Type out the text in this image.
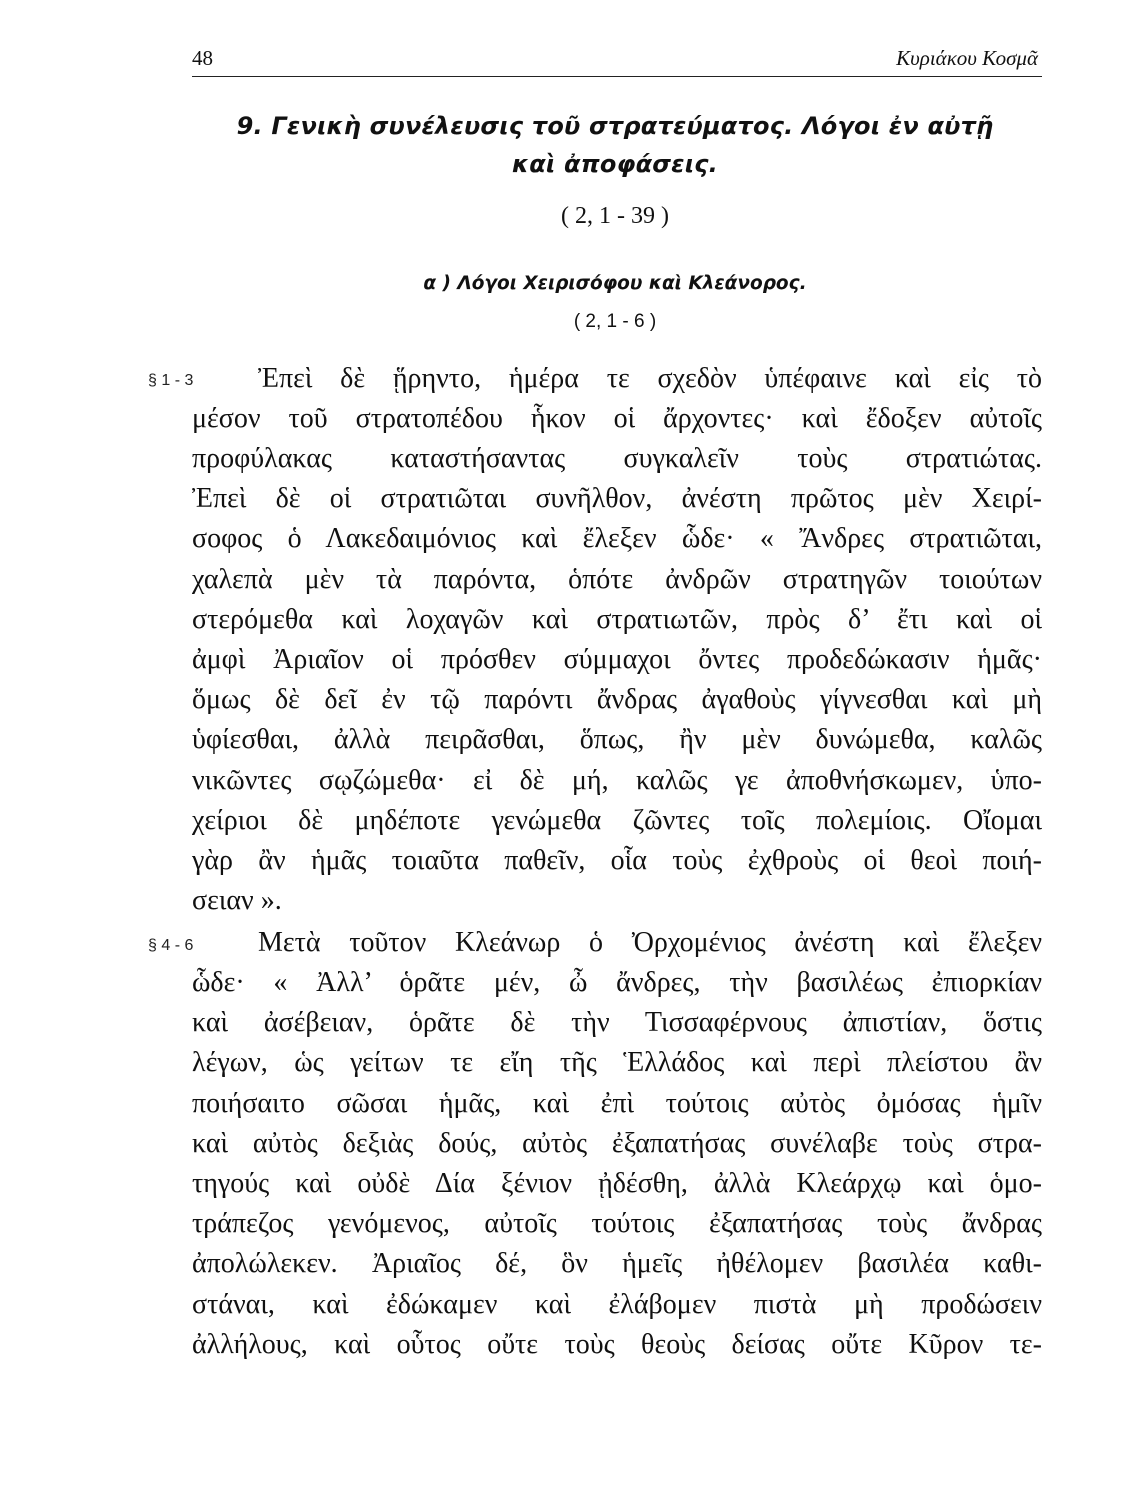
48	Κυριάκου Κοσμᾶ
9. Γενικὴ συνέλευσις τοῦ στρατεύματος. Λόγοι ἐν αὐτῇ
καὶ ἀποφάσεις.
( 2, 1 - 39 )
α ) Λόγοι Χειρισόφου καὶ Κλεάνορος.
( 2, 1 - 6 )
§ 1 - 3 Ἐπεὶ δὲ ᾕρηντο, ἡμέρα τε σχεδὸν ὑπέφαινε καὶ εἰς τὸ
μέσον τοῦ στρατοπέδου ἧκον οἱ ἄρχοντες· καὶ ἔδοξεν αὐτοῖς
προφύλακας καταστήσαντας συγκαλεῖν τοὺς στρατιώτας.
Ἐπεὶ δὲ οἱ στρατιῶται συνῆλθον, ἀνέστη πρῶτος μὲν Χειρί-
σοφος ὁ Λακεδαιμόνιος καὶ ἔλεξεν ὧδε· « Ἄνδρες στρατιῶται,
χαλεπὰ μὲν τὰ παρόντα, ὁπότε ἀνδρῶν στρατηγῶν τοιούτων
στερόμεθα καὶ λοχαγῶν καὶ στρατιωτῶν, πρὸς δ’ ἔτι καὶ οἱ
ἀμφὶ Ἀριαῖον οἱ πρόσθεν σύμμαχοι ὄντες προδεδώκασιν ἡμᾶς·
ὅμως δὲ δεῖ ἐν τῷ παρόντι ἄνδρας ἀγαθοὺς γίγνεσθαι καὶ μὴ
ὑφίεσθαι, ἀλλὰ πειρᾶσθαι, ὅπως, ἢν μὲν δυνώμεθα, καλῶς
νικῶντες σῳζώμεθα· εἰ δὲ μή, καλῶς γε ἀποθνήσκωμεν, ὑπο-
χείριοι δὲ μηδέποτε γενώμεθα ζῶντες τοῖς πολεμίοις. Οἴομαι
γὰρ ἂν ἡμᾶς τοιαῦτα παθεῖν, οἷα τοὺς ἐχθροὺς οἱ θεοὶ ποιή-
σειαν ».
§ 4 - 6 Μετὰ τοῦτον Κλεάνωρ ὁ Ὀρχομένιος ἀνέστη καὶ ἔλεξεν
ὧδε· « Ἀλλ’ ὁρᾶτε μέν, ὦ ἄνδρες, τὴν βασιλέως ἐπιορκίαν
καὶ ἀσέβειαν, ὁρᾶτε δὲ τὴν Τισσαφέρνους ἀπιστίαν, ὅστις
λέγων, ὡς γείτων τε εἴη τῆς Ἑλλάδος καὶ περὶ πλείστου ἂν
ποιήσαιτο σῶσαι ἡμᾶς, καὶ ἐπὶ τούτοις αὐτὸς ὀμόσας ἡμῖν
καὶ αὐτὸς δεξιὰς δούς, αὐτὸς ἐξαπατήσας συνέλαβε τοὺς στρα-
τηγούς καὶ οὐδὲ Δία ξένιον ᾐδέσθη, ἀλλὰ Κλεάρχῳ καὶ ὁμο-
τράπεζος γενόμενος, αὐτοῖς τούτοις ἐξαπατήσας τοὺς ἄνδρας
ἀπολώλεκεν. Ἀριαῖος δέ, ὃν ἡμεῖς ἠθέλομεν βασιλέα καθι-
στάναι, καὶ ἐδώκαμεν καὶ ἐλάβομεν πιστὰ μὴ προδώσειν
ἀλλήλους, καὶ οὗτος οὔτε τοὺς θεοὺς δείσας οὔτε Κῦρον τε-
